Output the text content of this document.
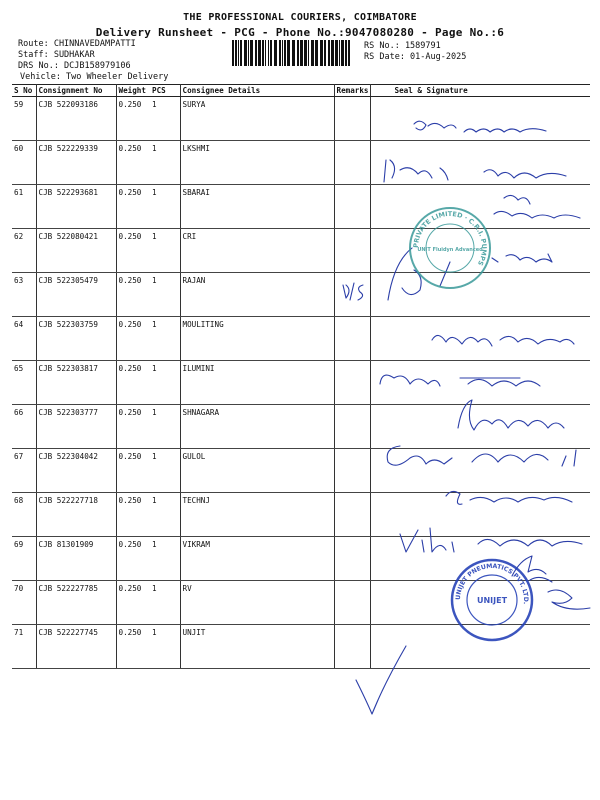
THE PROFESSIONAL COURIERS, COIMBATORE
Delivery Runsheet - PCG - Phone No.:9047080280 - Page No.:6
Route: CHINNAVEDAMPATTI
Staff: SUDHAKAR
DRS No.: DCJB158979106
Vehicle: Two Wheeler Delivery
RS No.: 1589791
RS Date: 01-Aug-2025
S No	Consignment No	Weight	PCS	Consignee Details	Remarks	Seal & Signature
59	CJB 522093186	0.250	1	SURYA		
60	CJB 522229339	0.250	1	LKSHMI		
61	CJB 522293681	0.250	1	SBARAI		
62	CJB 522080421	0.250	1	CRI		
63	CJB 522305479	0.250	1	RAJAN		
64	CJB 522303759	0.250	1	MOULITING		
65	CJB 522303817	0.250	1	ILUMINI		
66	CJB 522303777	0.250	1	SHNAGARA		
67	CJB 522304042	0.250	1	GULOL		
68	CJB 522227718	0.250	1	TECHNJ		
69	CJB 81301909	0.250	1	VIKRAM		
70	CJB 522227785	0.250	1	RV		
71	CJB 522227745	0.250	1	UNJIT		
PRIVATE LIMITED · C.R.I. PUMPS
UNIT Fluidyn Advanced
UNIJET PNEUMATICS PVT. LTD.
UNIJET
